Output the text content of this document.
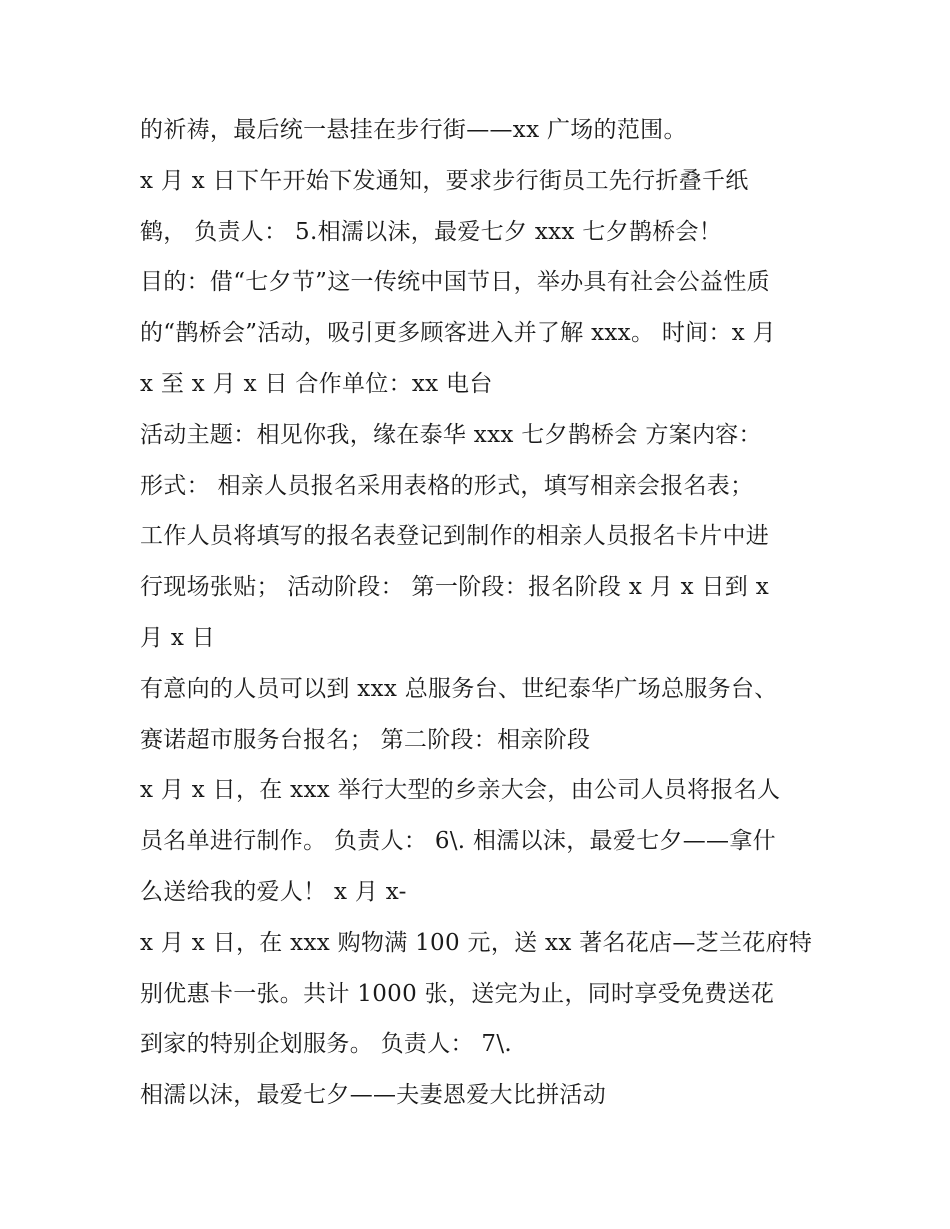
的祈祷，最后统一悬挂在步行街——xx 广场的范围。
x 月 x 日下午开始下发通知，要求步行街员工先行折叠千纸
鹤， 负责人： 5.相濡以沫，最爱七夕 xxx 七夕鹊桥会！
目的：借“七夕节”这一传统中国节日，举办具有社会公益性质
的“鹊桥会”活动，吸引更多顾客进入并了解 xxx。 时间：x 月
x 至 x 月 x 日 合作单位：xx 电台
活动主题：相见你我，缘在泰华 xxx 七夕鹊桥会 方案内容：
形式： 相亲人员报名采用表格的形式，填写相亲会报名表；
工作人员将填写的报名表登记到制作的相亲人员报名卡片中进
行现场张贴； 活动阶段： 第一阶段：报名阶段 x 月 x 日到 x
月 x 日
有意向的人员可以到 xxx 总服务台、世纪泰华广场总服务台、
赛诺超市服务台报名； 第二阶段：相亲阶段
x 月 x 日，在 xxx 举行大型的乡亲大会，由公司人员将报名人
员名单进行制作。 负责人： 6\. 相濡以沫，最爱七夕——拿什
么送给我的爱人！ x 月 x-
x 月 x 日，在 xxx 购物满 100 元，送 xx 著名花店—芝兰花府特
别优惠卡一张。共计 1000 张，送完为止，同时享受免费送花
到家的特别企划服务。 负责人： 7\.
相濡以沫，最爱七夕——夫妻恩爱大比拼活动
